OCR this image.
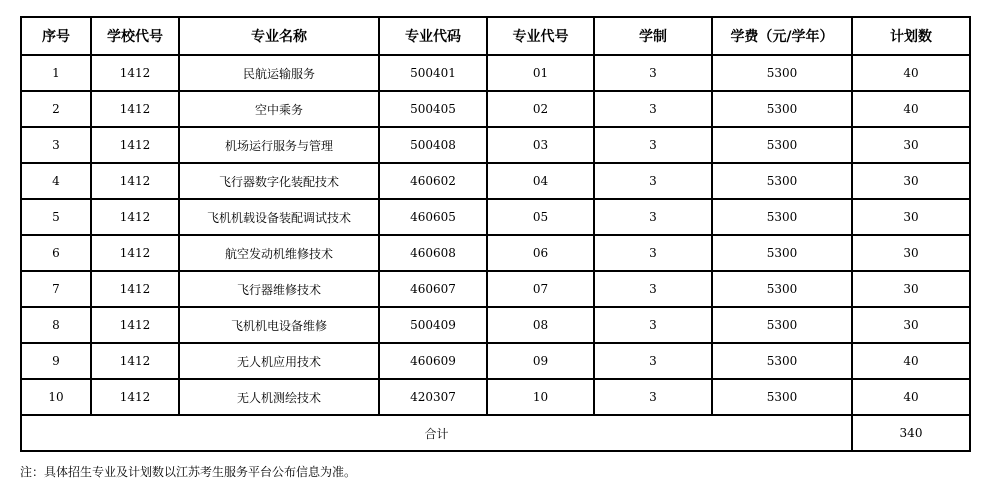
序号	学校代号	专业名称	专业代码	专业代号	学制	学费（元/学年）	计划数
1	1412	民航运输服务	500401	01	3	5300	40
2	1412	空中乘务	500405	02	3	5300	40
3	1412	机场运行服务与管理	500408	03	3	5300	30
4	1412	飞行器数字化装配技术	460602	04	3	5300	30
5	1412	飞机机载设备装配调试技术	460605	05	3	5300	30
6	1412	航空发动机维修技术	460608	06	3	5300	30
7	1412	飞行器维修技术	460607	07	3	5300	30
8	1412	飞机机电设备维修	500409	08	3	5300	30
9	1412	无人机应用技术	460609	09	3	5300	40
10	1412	无人机测绘技术	420307	10	3	5300	40
合计							340
注：具体招生专业及计划数以江苏考生服务平台公布信息为准。
